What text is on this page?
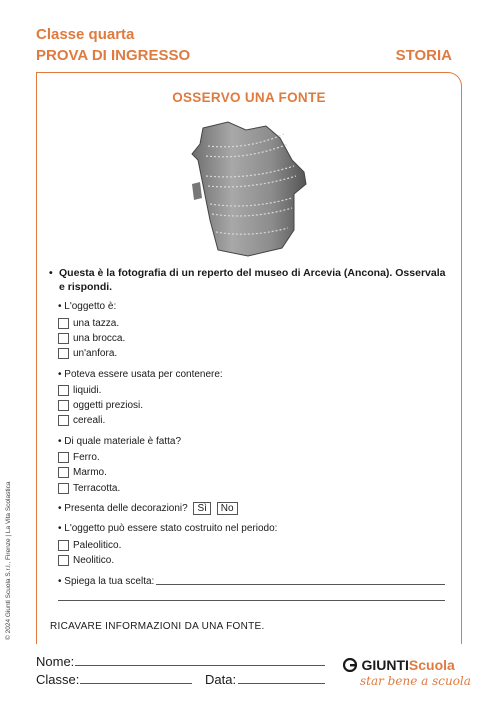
Classe quarta
PROVA DI INGRESSO	STORIA
OSSERVO UNA FONTE
• Questa è la fotografia di un reperto del museo di Arcevia (Ancona). Osservala e rispondi.
• L'oggetto è:
una tazza.
una brocca.
un'anfora.
• Poteva essere usata per contenere:
liquidi.
oggetti preziosi.
cereali.
• Di quale materiale è fatta?
Ferro.
Marmo.
Terracotta.
• Presenta delle decorazioni? Sì No
• L'oggetto può essere stato costruito nel periodo:
Paleolitico.
Neolitico.
• Spiega la tua scelta:
RICAVARE INFORMAZIONI DA UNA FONTE.
© 2024 Giunti Scuola S.r.l., Firenze | La Vita Scolastica
Nome:
Classe:	Data:
GIUNTIScuola
star bene a scuola
